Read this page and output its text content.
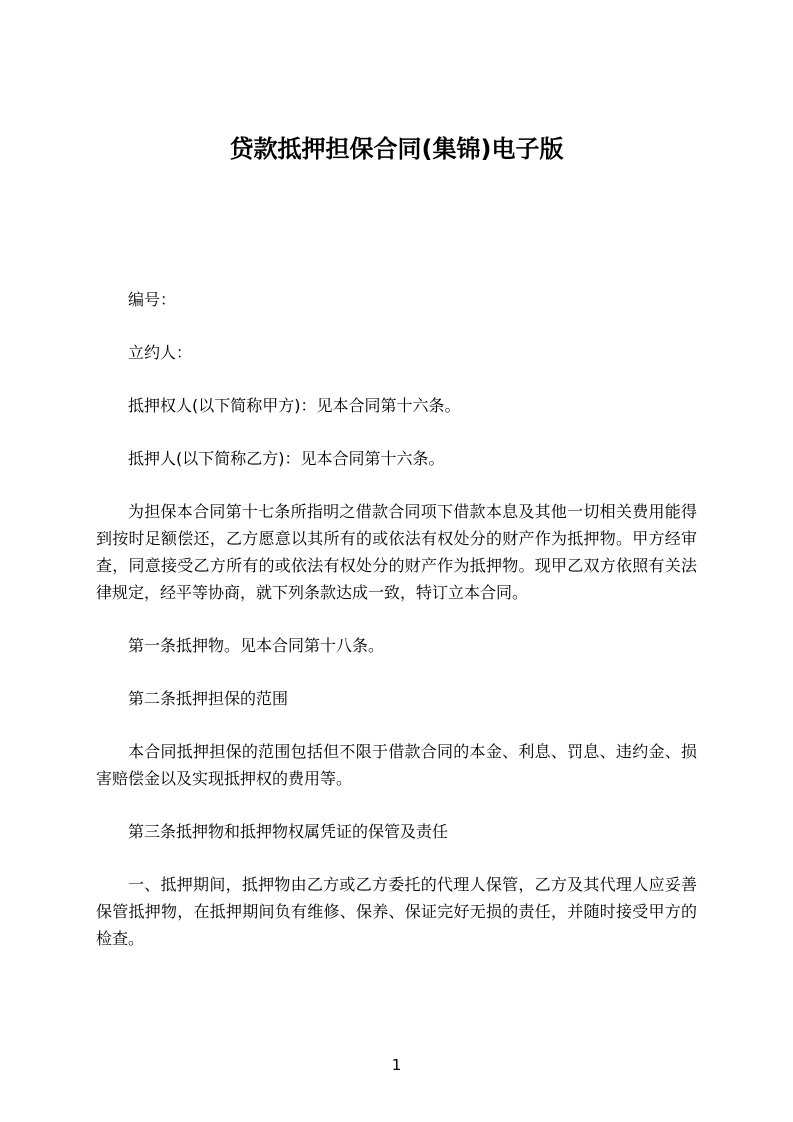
贷款抵押担保合同(集锦)电子版

编号：

立约人：

抵押权人(以下简称甲方)：见本合同第十六条。

抵押人(以下简称乙方)：见本合同第十六条。

为担保本合同第十七条所指明之借款合同项下借款本息及其他一切相关费用能得到按时足额偿还，乙方愿意以其所有的或依法有权处分的财产作为抵押物。甲方经审查，同意接受乙方所有的或依法有权处分的财产作为抵押物。现甲乙双方依照有关法律规定，经平等协商，就下列条款达成一致，特订立本合同。

第一条抵押物。见本合同第十八条。

第二条抵押担保的范围

本合同抵押担保的范围包括但不限于借款合同的本金、利息、罚息、违约金、损害赔偿金以及实现抵押权的费用等。

第三条抵押物和抵押物权属凭证的保管及责任

一、抵押期间，抵押物由乙方或乙方委托的代理人保管，乙方及其代理人应妥善保管抵押物，在抵押期间负有维修、保养、保证完好无损的责任，并随时接受甲方的检查。

1
